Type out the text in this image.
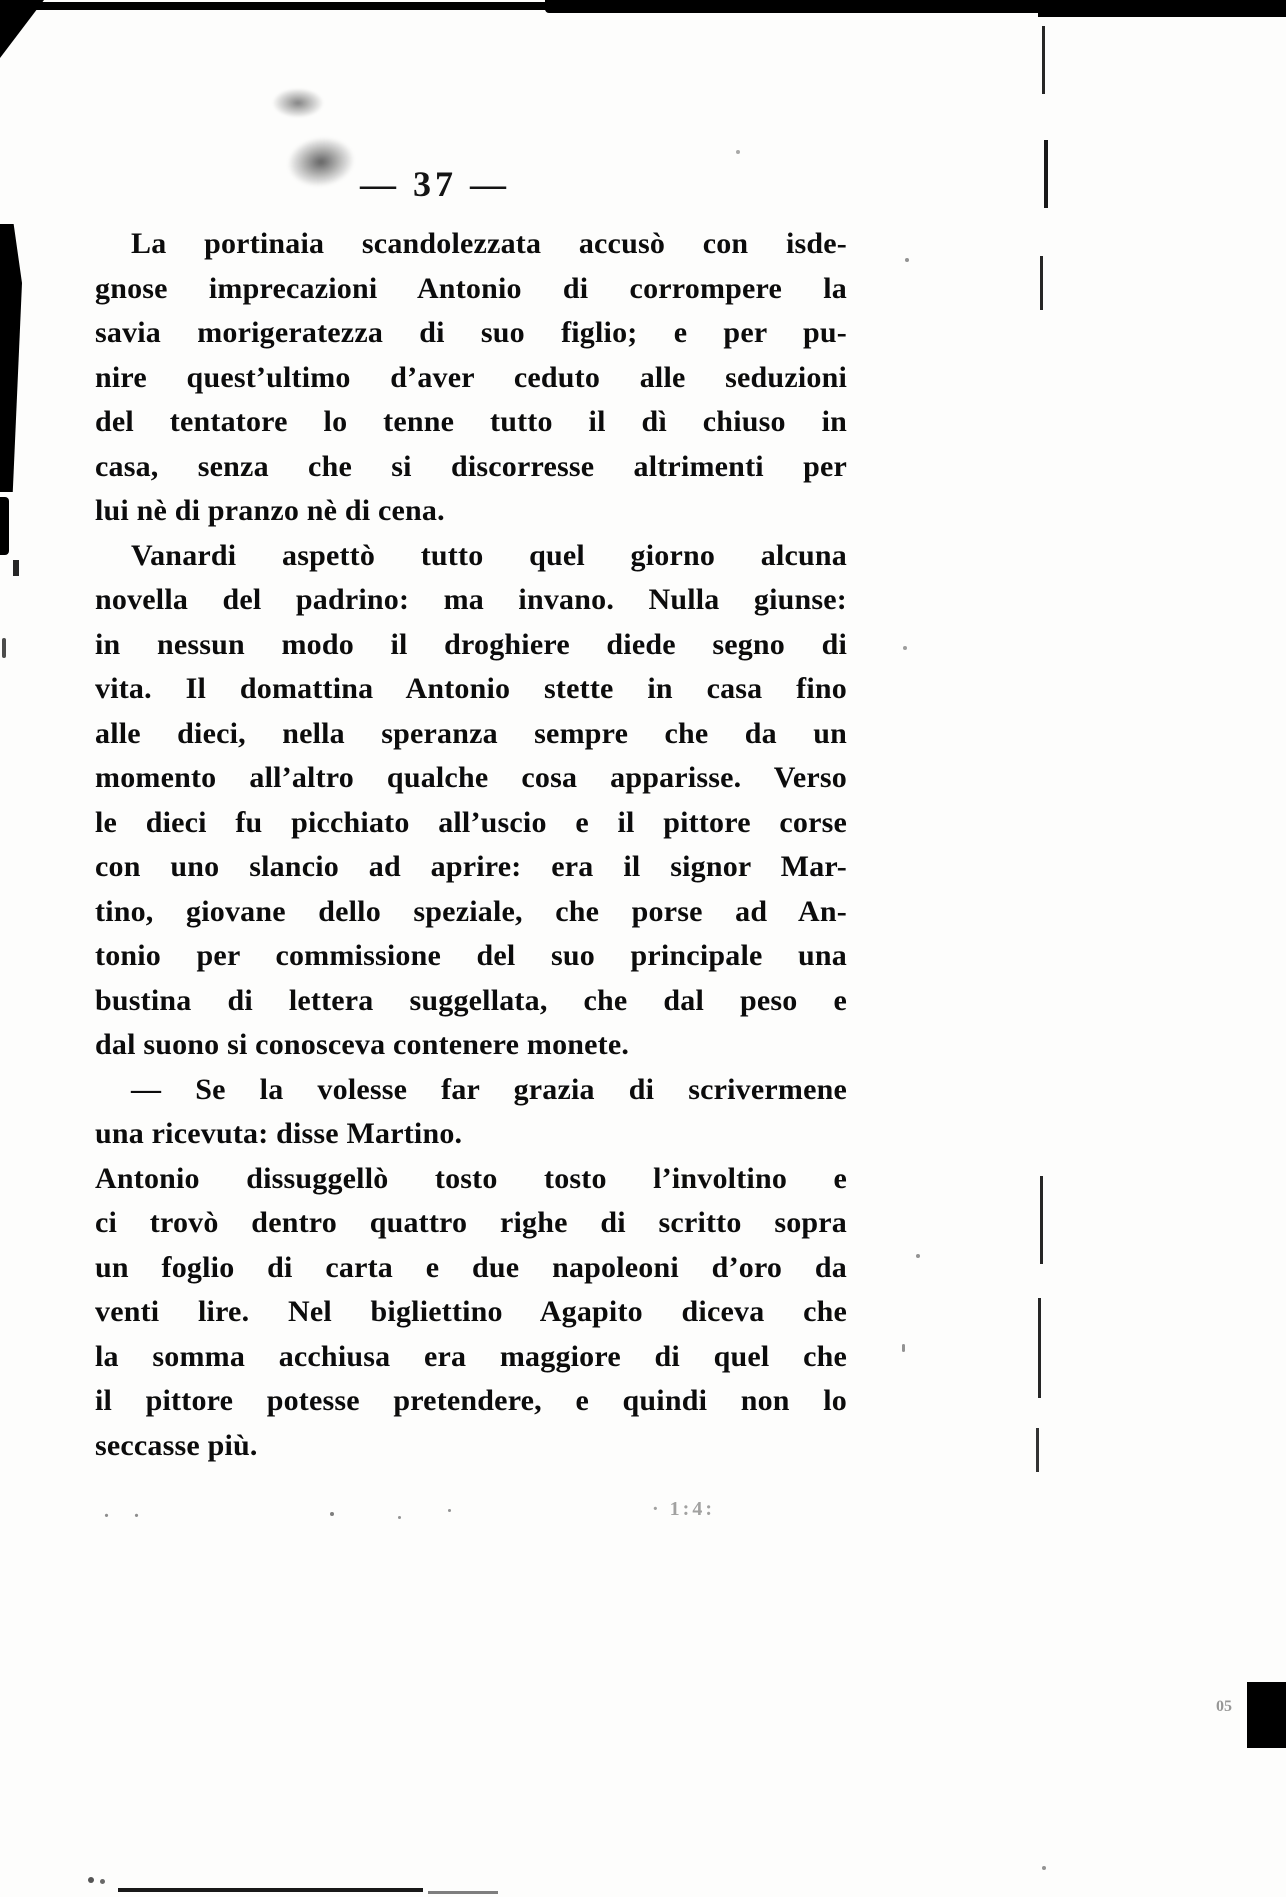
— 37 —
La portinaia scandolezzata accusò con isde-
gnose imprecazioni Antonio di corrompere la
savia morigeratezza di suo figlio; e per pu-
nire quest’ultimo d’aver ceduto alle seduzioni
del tentatore lo tenne tutto il dì chiuso in
casa, senza che si discorresse altrimenti per
lui nè di pranzo nè di cena.
Vanardi aspettò tutto quel giorno alcuna
novella del padrino: ma invano. Nulla giunse:
in nessun modo il droghiere diede segno di
vita. Il domattina Antonio stette in casa fino
alle dieci, nella speranza sempre che da un
momento all’altro qualche cosa apparisse. Verso
le dieci fu picchiato all’uscio e il pittore corse
con uno slancio ad aprire: era il signor Mar-
tino, giovane dello speziale, che porse ad An-
tonio per commissione del suo principale una
bustina di lettera suggellata, che dal peso e
dal suono si conosceva contenere monete.
— Se la volesse far grazia di scrivermene
una ricevuta: disse Martino.
Antonio dissuggellò tosto tosto l’involtino e
ci trovò dentro quattro righe di scritto sopra
un foglio di carta e due napoleoni d’oro da
venti lire. Nel bigliettino Agapito diceva che
la somma acchiusa era maggiore di quel che
il pittore potesse pretendere, e quindi non lo
seccasse più.
. .	· 1:4:
05
